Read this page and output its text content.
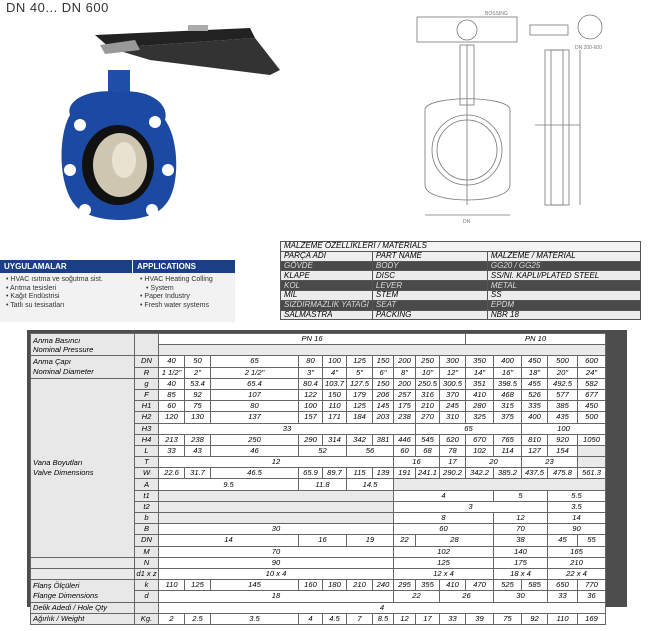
DN 40... DN 600	BOSSING
DN 200-600
DN
UYGULAMALAR	APPLICATIONS
• HVAC ısıtma ve soğutma sist.
• Arıtma tesisleri
• Kağıt Endüstrisi
• Tatlı su tesisatları
• HVAC Heating Colling
• System
• Paper Industry
• Fresh water systems
MALZEME ÖZELLİKLERİ / MATERIALS		
PARÇA ADI	PART NAME	MALZEME / MATERIAL
GÖVDE	BODY	GG20 / GG25
KLAPE	DISC	SS/NI. KAPLI/PLATED STEEL
KOL	LEVER	METAL
MİL	STEM	SS
SIZDIRMAZLIK YATAĞI	SEAT	EPDM
SALMASTRA	PACKING	NBR 18
Anma Basıncı
Nominal Pressure		PN 16										PN 10				

Anma Çapı
Nominal Diameter	DN	40	50	65	80	100	125	150	200	250	300	350	400	450	500	600
	R	1 1/2"	2"	2 1/2"	3"	4"	5"	6"	8"	10"	12"	14"	16"	18"	20"	24"
Vana Boyutları
Valve Dimensions	g	40	53.4	65.4	80.4	103.7	127.5	150	200	250.5	300.5	351	398.5	455	492.5	582
	F	85	92	107	122	150	179	206	257	316	370	410	468	526	577	677
	H1	60	75	80	100	110	125	145	175	210	245	280	315	335	385	450
	H2	120	130	137	157	171	184	203	238	270	310	325	375	400	435	500
	H3	33								65				100		
	H4	213	238	250	290	314	342	381	446	545	620	670	765	810	920	1050
	L	33	43	46	52		56		60	68	78	102	114	127	154	
	T	12							16		17	20		23		
	W	22.6	31.7	46.5	65.9	89.7	115	139	191	241.1	290.2	342.2	385.2	437.5	475.8	561.3
	A	9.5			11.8		14.5									
	t1								4				5		5.5	
	t2								3						3.5	
	b								8				12		14	
	B	30							60				70		90	
	DN	14			16		19		22	28			38		45	55
	M	70							102				140		165	
	N	90							125				175		210	
	d1 x z	10 x 4							12 x 4				18 x 4		22 x 4	
Flanş Ölçüleri
Flange Dimensions	k	110	125	145	160	180	210	240	295	355	410	470	525	585	650	770
	d	18							22		26		30		33	36
Delik Adedi / Hole Qty		4														
Ağırlık / Weight	Kg.	2	2.5	3.5	4	4.5	7	8.5	12	17	33	39	75	92	110	169
